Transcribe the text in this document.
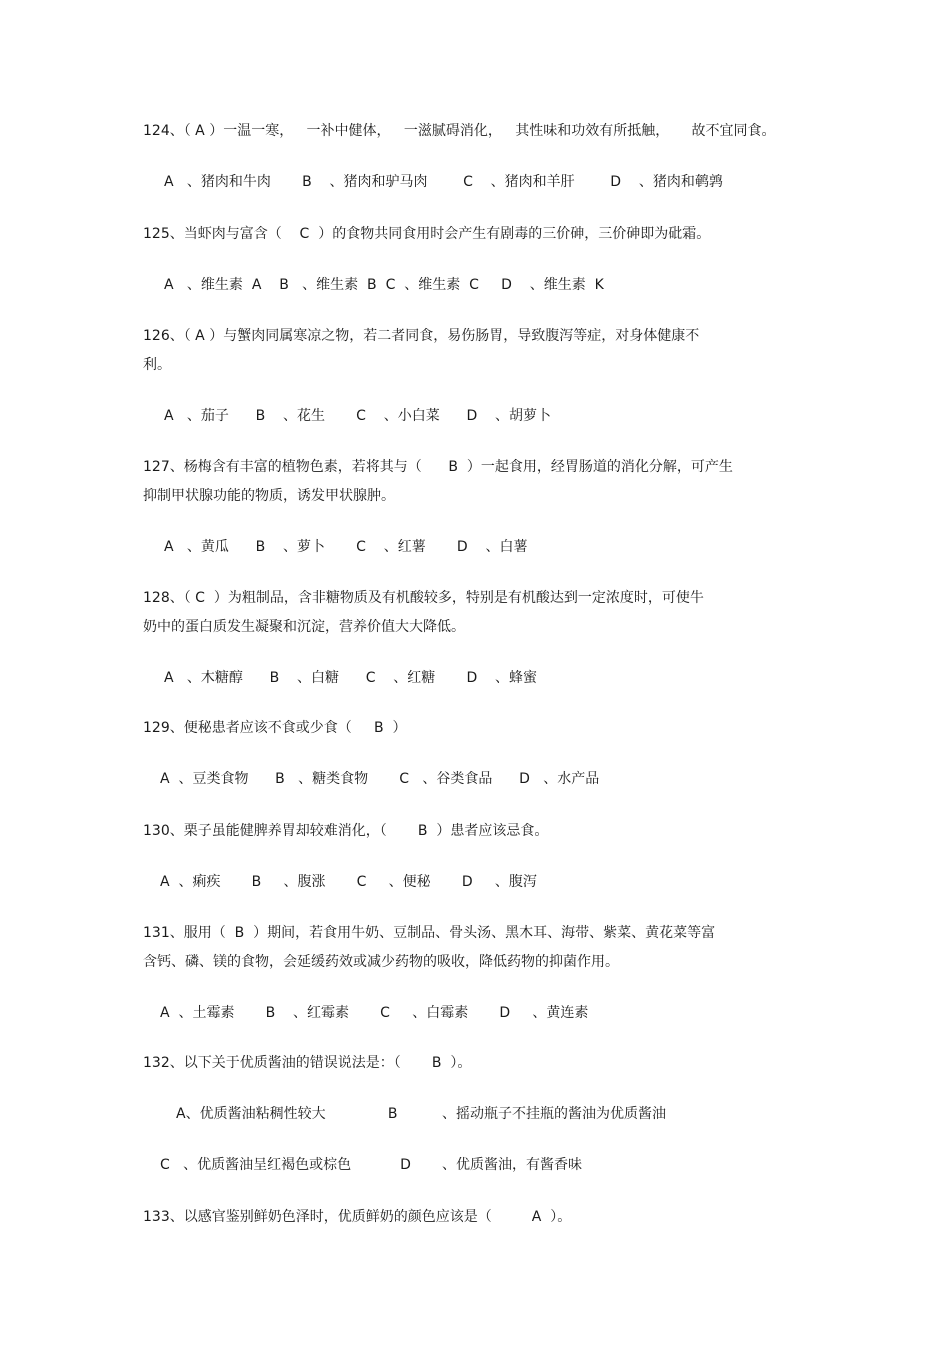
124、（ A ）一温一寒，   一补中健体，   一滋腻碍消化，   其性味和功效有所抵触，     故不宜同食。
A   、猪肉和牛肉       B    、猪肉和驴马肉        C    、猪肉和羊肝        D    、猪肉和鹌鹑
125、当虾肉与富含（    C  ）的食物共同食用时会产生有剧毒的三价砷，三价砷即为砒霜。
A   、维生素  A    B   、维生素  B  C  、维生素  C     D    、维生素  K
126、（ A ）与蟹肉同属寒凉之物，若二者同食，易伤肠胃，导致腹泻等症，对身体健康不
利。
A   、茄子      B    、花生       C    、小白菜      D    、胡萝卜
127、杨梅含有丰富的植物色素，若将其与（      B  ）一起食用，经胃肠道的消化分解，可产生
抑制甲状腺功能的物质，诱发甲状腺肿。
A   、黄瓜      B    、萝卜       C    、红薯       D    、白薯
128、（ C  ）为粗制品，含非糖物质及有机酸较多，特别是有机酸达到一定浓度时，可使牛
奶中的蛋白质发生凝聚和沉淀，营养价值大大降低。
A   、木糖醇      B    、白糖      C    、红糖       D    、蜂蜜
129、便秘患者应该不食或少食（     B  ）
A  、豆类食物      B   、糖类食物       C   、谷类食品      D   、水产品
130、栗子虽能健脾养胃却较难消化，（       B  ）患者应该忌食。
A  、痢疾       B     、腹涨       C     、便秘       D     、腹泻
131、服用（  B  ）期间，若食用牛奶、豆制品、骨头汤、黑木耳、海带、紫菜、黄花菜等富
含钙、磷、镁的食物，会延缓药效或减少药物的吸收，降低药物的抑菌作用。
A  、土霉素       B    、红霉素       C     、白霉素       D     、黄连素
132、以下关于优质酱油的错误说法是：（       B  ）。
A、优质酱油粘稠性较大              B          、摇动瓶子不挂瓶的酱油为优质酱油
C   、优质酱油呈红褐色或棕色           D       、优质酱油，有酱香味
133、以感官鉴别鲜奶色泽时，优质鲜奶的颜色应该是（         A  ）。
